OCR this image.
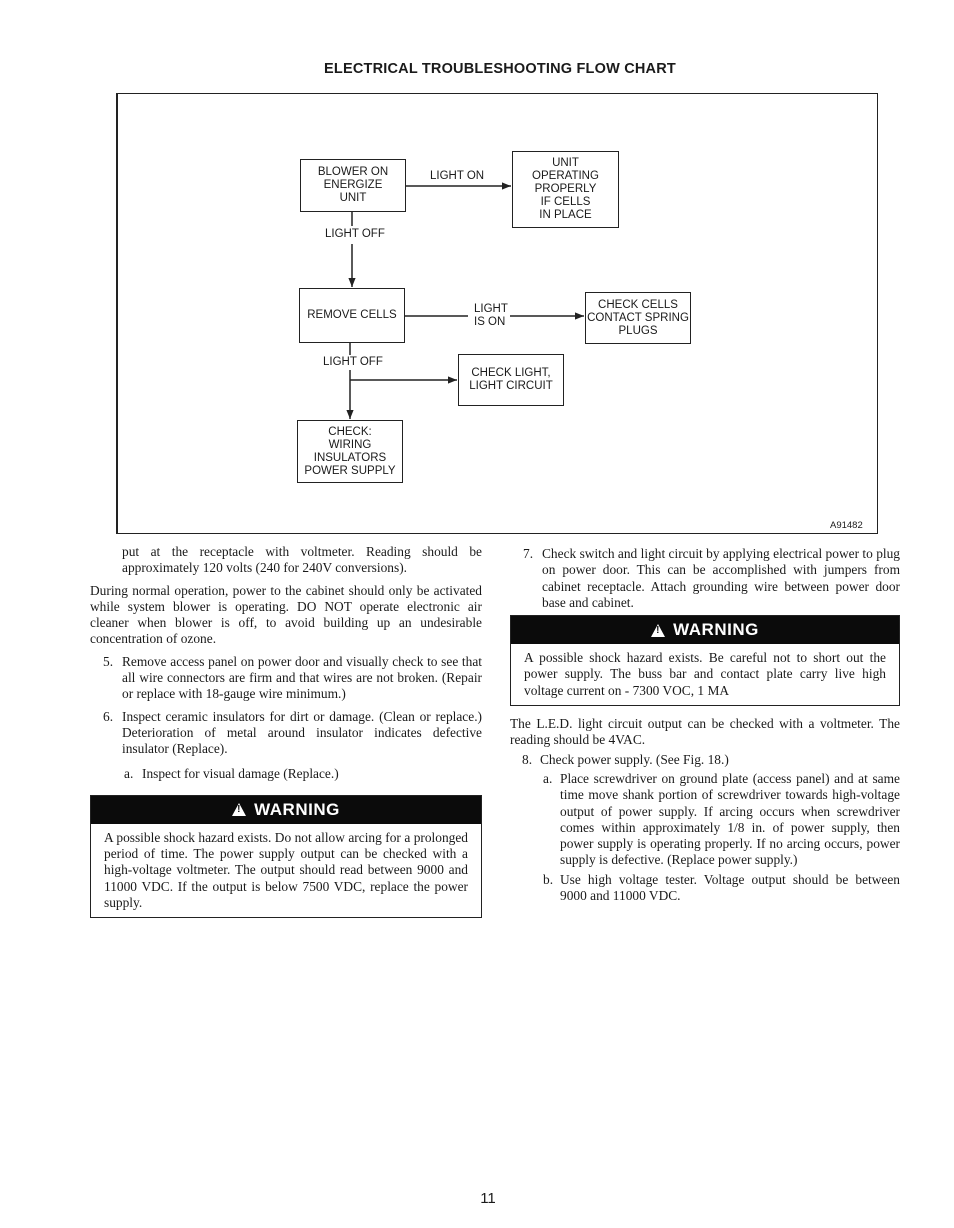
ELECTRICAL TROUBLESHOOTING FLOW CHART
BLOWER ON
ENERGIZE
UNIT
UNIT
OPERATING
PROPERLY
IF CELLS
IN PLACE
REMOVE CELLS
CHECK CELLS
CONTACT SPRING
PLUGS
CHECK LIGHT,
LIGHT CIRCUIT
CHECK:
WIRING
INSULATORS
POWER SUPPLY
LIGHT ON
LIGHT OFF
LIGHT
IS ON
LIGHT OFF
A91482

put at the receptacle with voltmeter. Reading should be approximately 120 volts (240 for 240V conversions).

During normal operation, power to the cabinet should only be activated while system blower is operating. DO NOT operate electronic air cleaner when blower is off, to avoid building up an undesirable concentration of ozone.

5. Remove access panel on power door and visually check to see that all wire connectors are firm and that wires are not broken. (Repair or replace with 18-gauge wire minimum.)
6. Inspect ceramic insulators for dirt or damage. (Clean or replace.) Deterioration of metal around insulator indicates defective insulator (Replace).
a. Inspect for visual damage (Replace.)
!
WARNING
A possible shock hazard exists. Do not allow arcing for a prolonged period of time. The power supply output can be checked with a high-voltage voltmeter. The output should read between 9000 and 11000 VDC. If the output is below 7500 VDC, replace the power supply.
7. Check switch and light circuit by applying electrical power to plug on power door. This can be accomplished with jumpers from cabinet receptacle. Attach grounding wire between power door base and cabinet.
!
WARNING
A possible shock hazard exists. Be careful not to short out the power supply. The buss bar and contact plate carry live high voltage current on - 7300 VOC, 1 MA

The L.E.D. light circuit output can be checked with a voltmeter. The reading should be 4VAC.

8. Check power supply. (See Fig. 18.)
a. Place screwdriver on ground plate (access panel) and at same time move shank portion of screwdriver towards high-voltage output of power supply. If arcing occurs when screwdriver comes within approximately 1/8 in. of power supply, then power supply is operating properly. If no arcing occurs, power supply is defective. (Replace power supply.)
b. Use high voltage tester. Voltage output should be between 9000 and 11000 VDC.
11
